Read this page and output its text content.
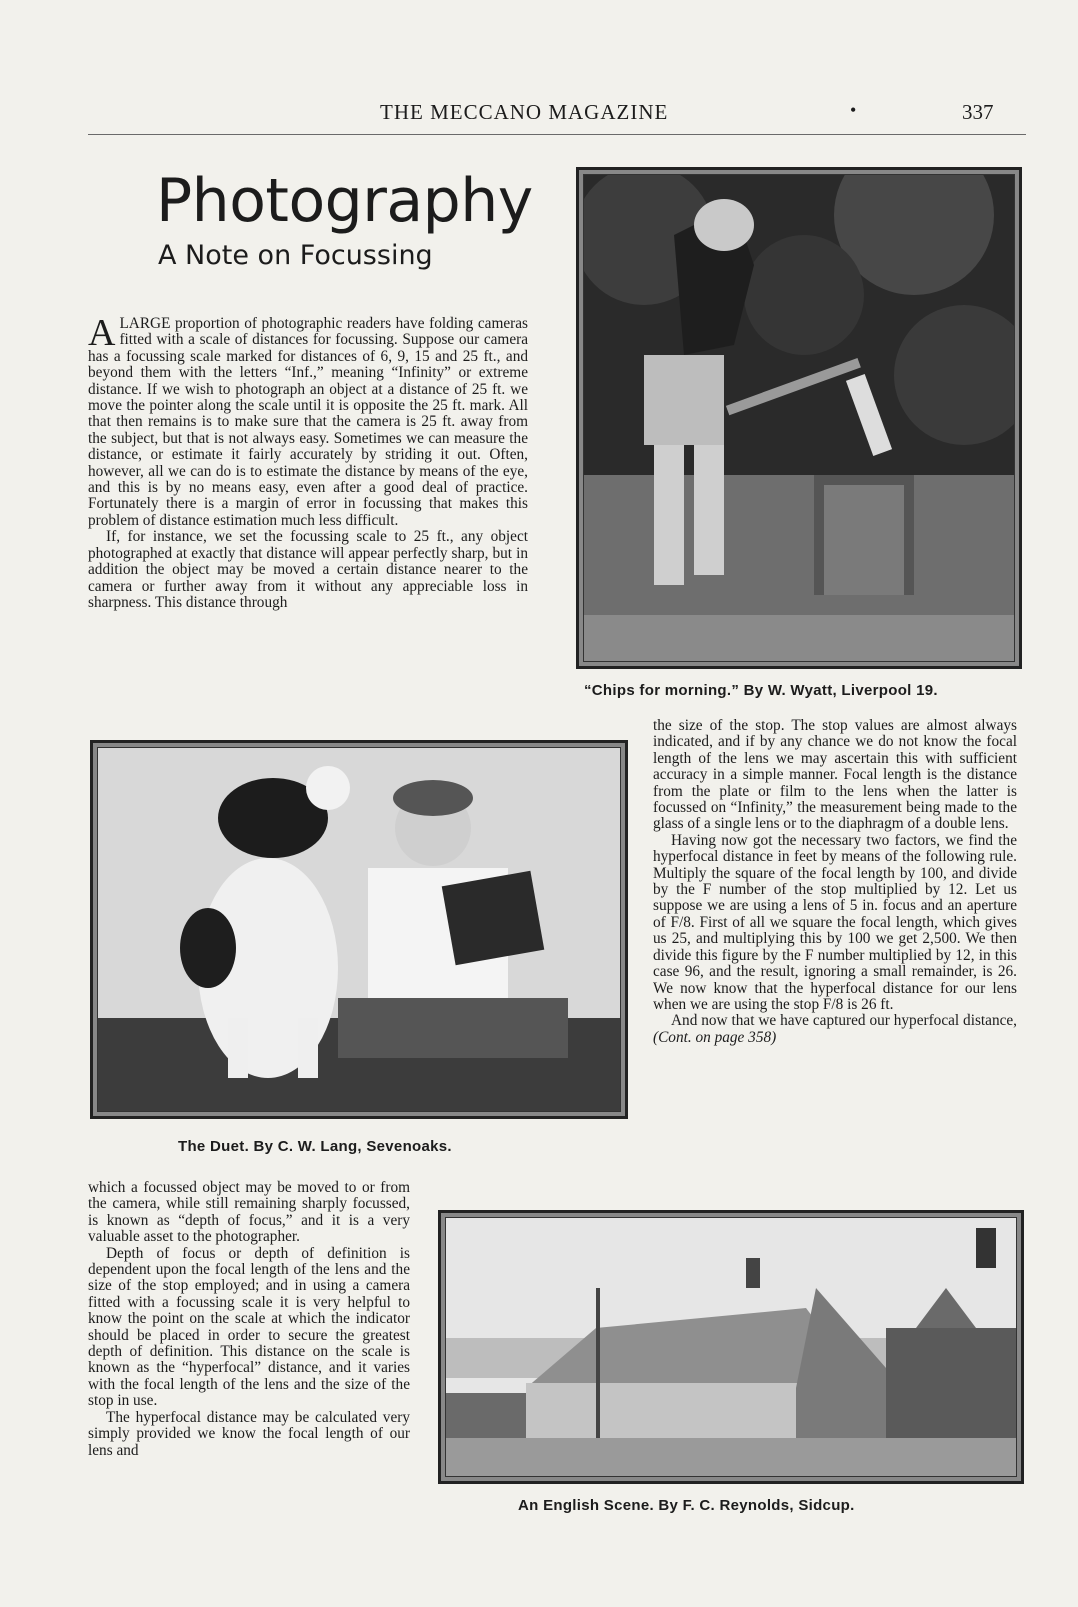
THE MECCANO MAGAZINE	•	337
Photography
A Note on Focussing

ALARGE proportion of photographic readers have folding cameras fitted with a scale of distances for focussing. Suppose our camera has a focussing scale marked for distances of 6, 9, 15 and 25 ft., and beyond them with the letters “Inf.,” meaning “Infinity” or extreme distance. If we wish to photograph an object at a distance of 25 ft. we move the pointer along the scale until it is opposite the 25 ft. mark. All that then remains is to make sure that the camera is 25 ft. away from the subject, but that is not always easy. Sometimes we can measure the distance, or estimate it fairly accurately by striding it out. Often, however, all we can do is to estimate the distance by means of the eye, and this is by no means easy, even after a good deal of practice. Fortunately there is a margin of error in focussing that makes this problem of distance estimation much less difficult.

If, for instance, we set the focussing scale to 25 ft., any object photographed at exactly that distance will appear perfectly sharp, but in addition the object may be moved a certain distance nearer to the camera or further away from it without any appreciable loss in sharpness. This distance through

the size of the stop. The stop values are almost always indicated, and if by any chance we do not know the focal length of the lens we may ascertain this with sufficient accuracy in a simple manner. Focal length is the distance from the plate or film to the lens when the latter is focussed on “Infinity,” the measurement being made to the glass of a single lens or to the diaphragm of a double lens.

Having now got the necessary two factors, we find the hyperfocal distance in feet by means of the following rule. Multiply the square of the focal length by 100, and divide by the F number of the stop multiplied by 12. Let us suppose we are using a lens of 5 in. focus and an aperture of F/8. First of all we square the focal length, which gives us 25, and multiplying this by 100 we get 2,500. We then divide this figure by the F number multiplied by 12, in this case 96, and the result, ignoring a small remainder, is 26. We now know that the hyperfocal distance for our lens when we are using the stop F/8 is 26 ft.

And now that we have captured our hyperfocal distance, (Cont. on page 358)

which a focussed object may be moved to or from the camera, while still remaining sharply focussed, is known as “depth of focus,” and it is a very valuable asset to the photographer.

Depth of focus or depth of definition is dependent upon the focal length of the lens and the size of the stop employed; and in using a camera fitted with a focussing scale it is very helpful to know the point on the scale at which the indicator should be placed in order to secure the greatest depth of definition. This distance on the scale is known as the “hyperfocal” distance, and it varies with the focal length of the lens and the size of the stop in use.

The hyperfocal distance may be calculated very simply provided we know the focal length of our lens and

“Chips for morning.” By W. Wyatt, Liverpool 19.
The Duet. By C. W. Lang, Sevenoaks.
An English Scene. By F. C. Reynolds, Sidcup.
